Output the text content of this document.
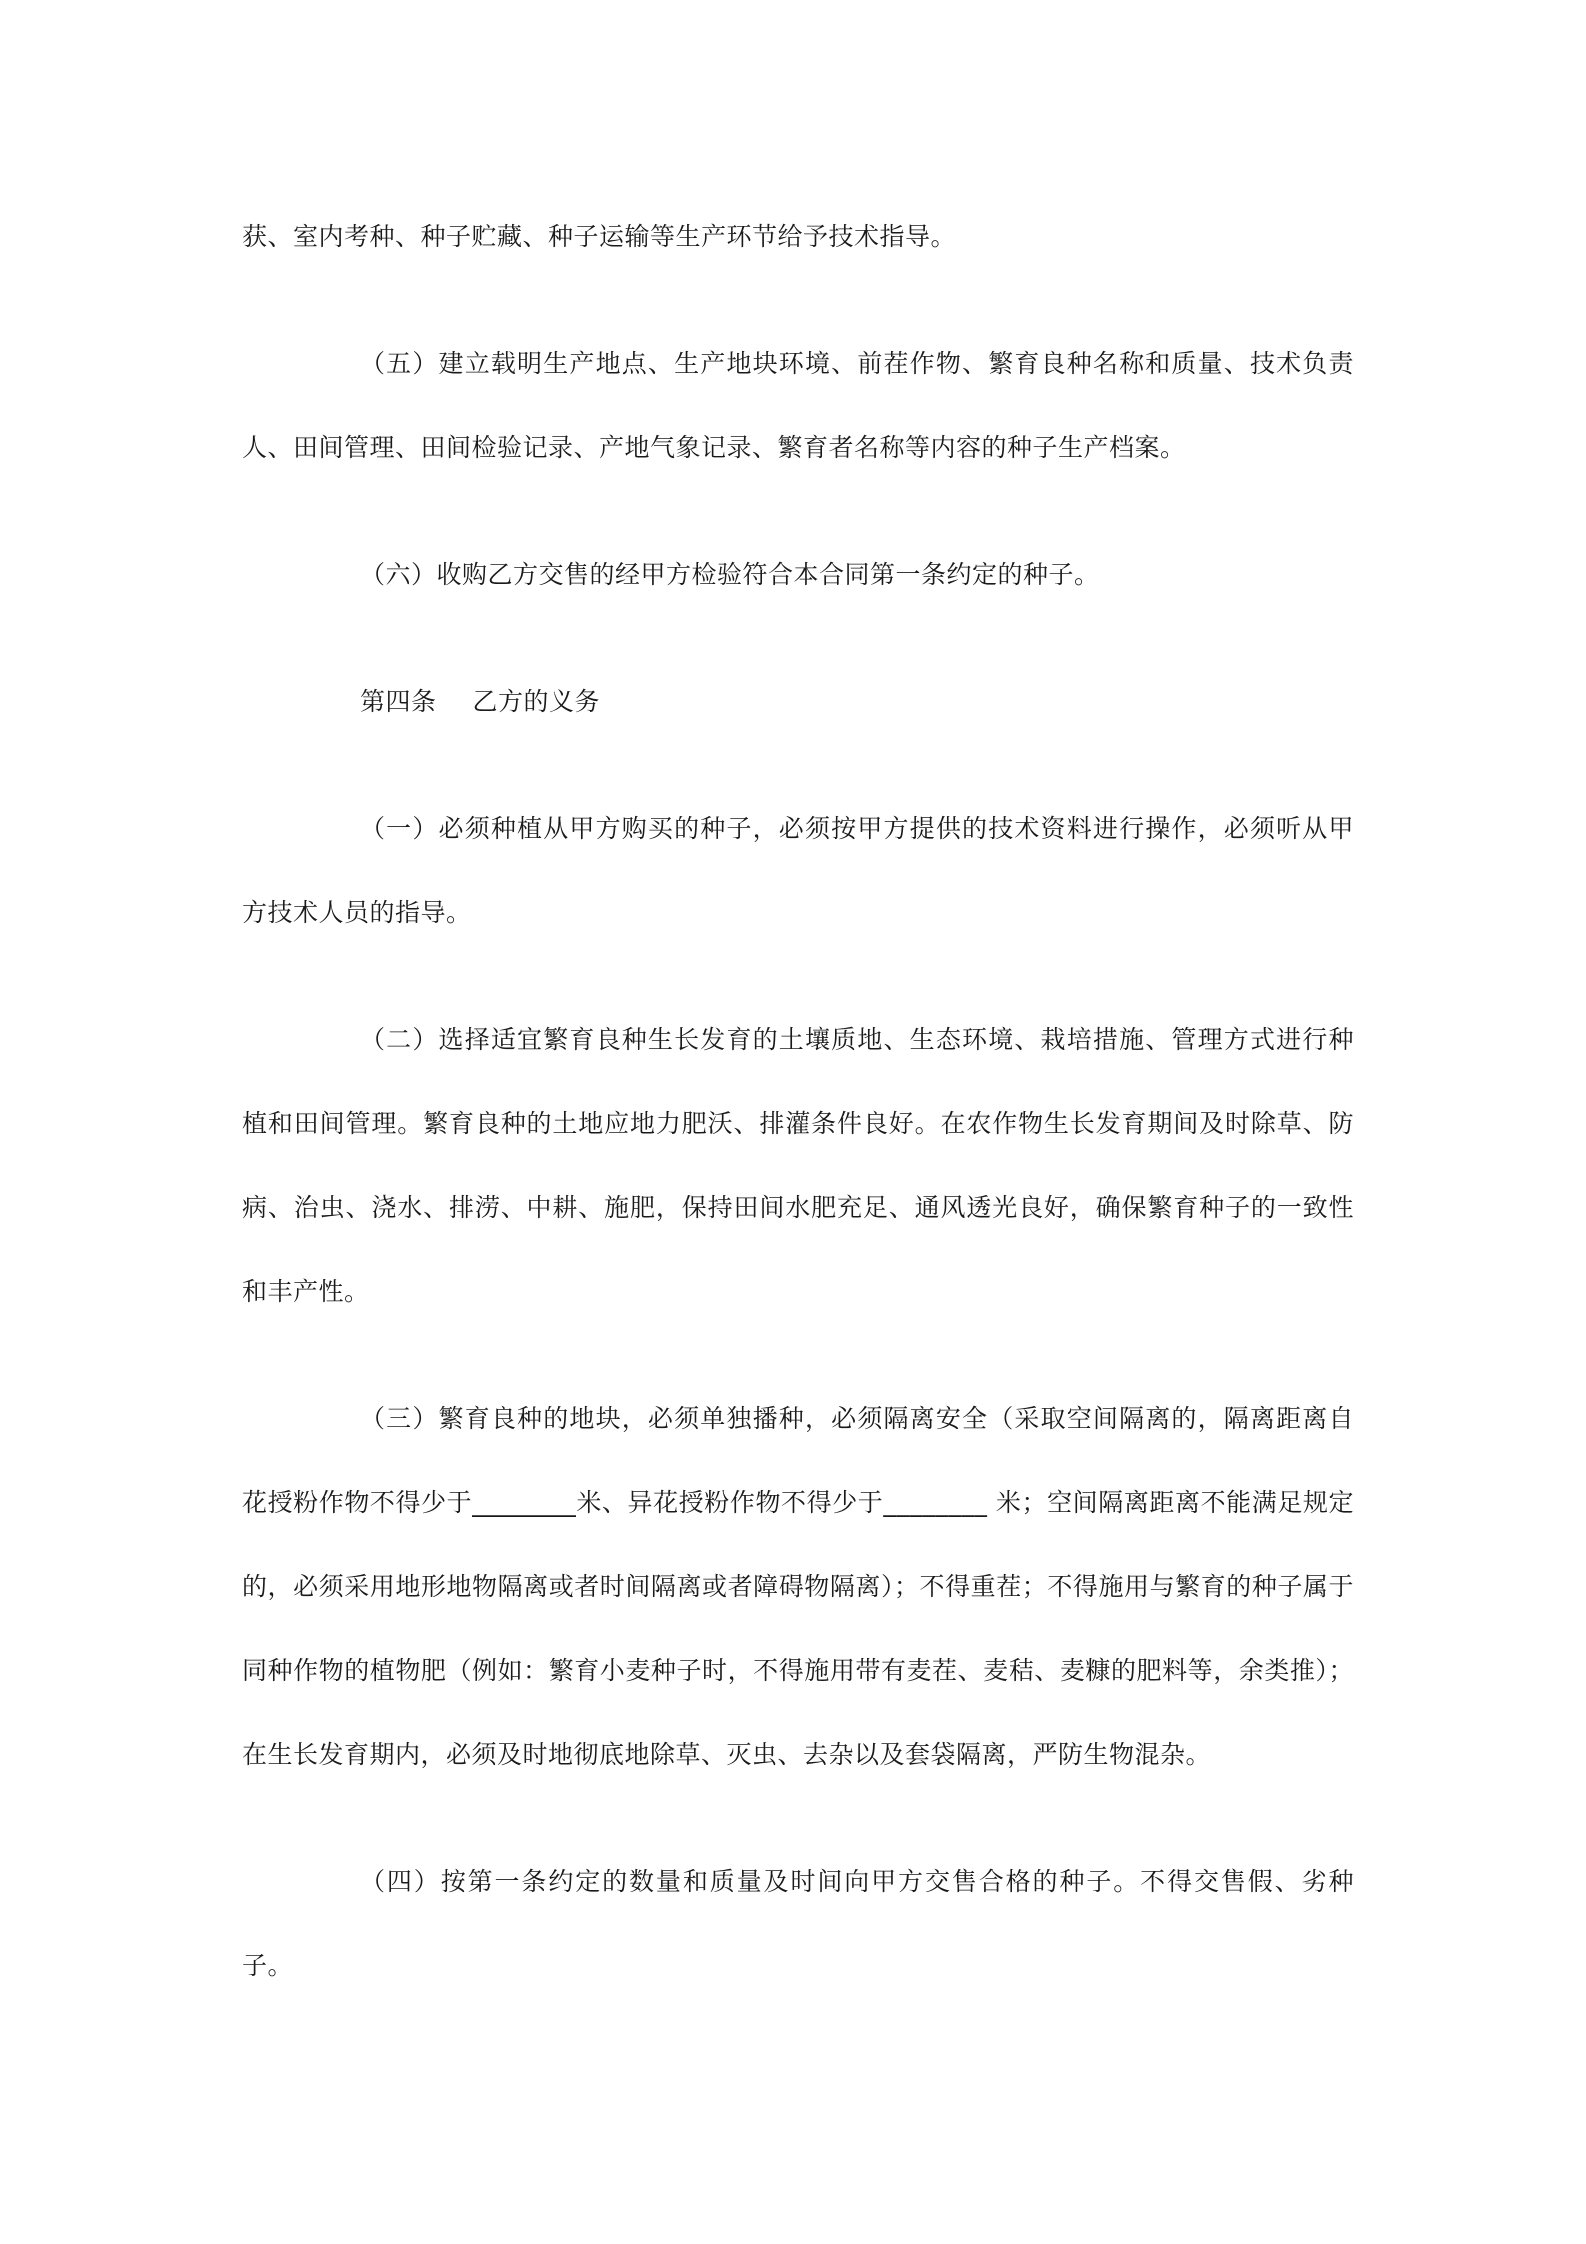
获、室内考种、种子贮藏、种子运输等生产环节给予技术指导。

（五）建立载明生产地点、生产地块环境、前茬作物、繁育良种名称和质量、技术负责人、田间管理、田间检验记录、产地气象记录、繁育者名称等内容的种子生产档案。

（六）收购乙方交售的经甲方检验符合本合同第一条约定的种子。

第四条 乙方的义务

（一）必须种植从甲方购买的种子，必须按甲方提供的技术资料进行操作，必须听从甲方技术人员的指导。

（二）选择适宜繁育良种生长发育的土壤质地、生态环境、栽培措施、管理方式进行种植和田间管理。繁育良种的土地应地力肥沃、排灌条件良好。在农作物生长发育期间及时除草、防病、治虫、浇水、排涝、中耕、施肥，保持田间水肥充足、通风透光良好，确保繁育种子的一致性和丰产性。

（三）繁育良种的地块，必须单独播种，必须隔离安全（采取空间隔离的，隔离距离自花授粉作物不得少于________米、异花授粉作物不得少于________ 米；空间隔离距离不能满足规定的，必须采用地形地物隔离或者时间隔离或者障碍物隔离）；不得重茬；不得施用与繁育的种子属于同种作物的植物肥（例如：繁育小麦种子时，不得施用带有麦茬、麦秸、麦糠的肥料等，余类推）；在生长发育期内，必须及时地彻底地除草、灭虫、去杂以及套袋隔离，严防生物混杂。

（四）按第一条约定的数量和质量及时间向甲方交售合格的种子。不得交售假、劣种子。
